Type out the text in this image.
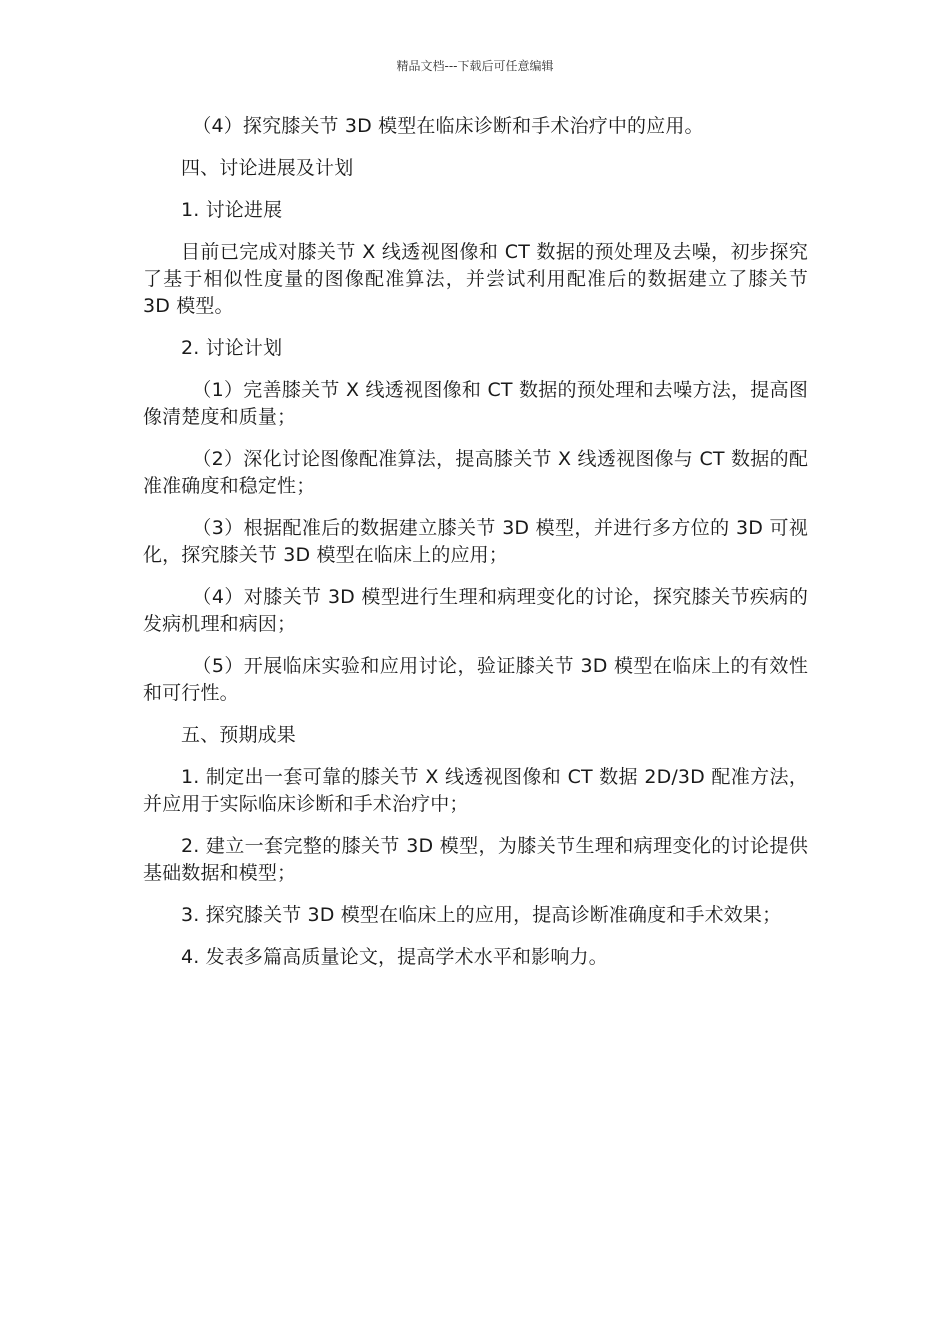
精品文档---下载后可任意编辑

（4）探究膝关节 3D 模型在临床诊断和手术治疗中的应用。

四、讨论进展及计划

1. 讨论进展

目前已完成对膝关节 X 线透视图像和 CT 数据的预处理及去噪，初步探究了基于相似性度量的图像配准算法，并尝试利用配准后的数据建立了膝关节 3D 模型。

2. 讨论计划

（1）完善膝关节 X 线透视图像和 CT 数据的预处理和去噪方法，提高图像清楚度和质量；

（2）深化讨论图像配准算法，提高膝关节 X 线透视图像与 CT 数据的配准准确度和稳定性；

（3）根据配准后的数据建立膝关节 3D 模型，并进行多方位的 3D 可视化，探究膝关节 3D 模型在临床上的应用；

（4）对膝关节 3D 模型进行生理和病理变化的讨论，探究膝关节疾病的发病机理和病因；

（5）开展临床实验和应用讨论，验证膝关节 3D 模型在临床上的有效性和可行性。

五、预期成果

1. 制定出一套可靠的膝关节 X 线透视图像和 CT 数据 2D/3D 配准方法，并应用于实际临床诊断和手术治疗中；

2. 建立一套完整的膝关节 3D 模型，为膝关节生理和病理变化的讨论提供基础数据和模型；

3. 探究膝关节 3D 模型在临床上的应用，提高诊断准确度和手术效果；

4. 发表多篇高质量论文，提高学术水平和影响力。
